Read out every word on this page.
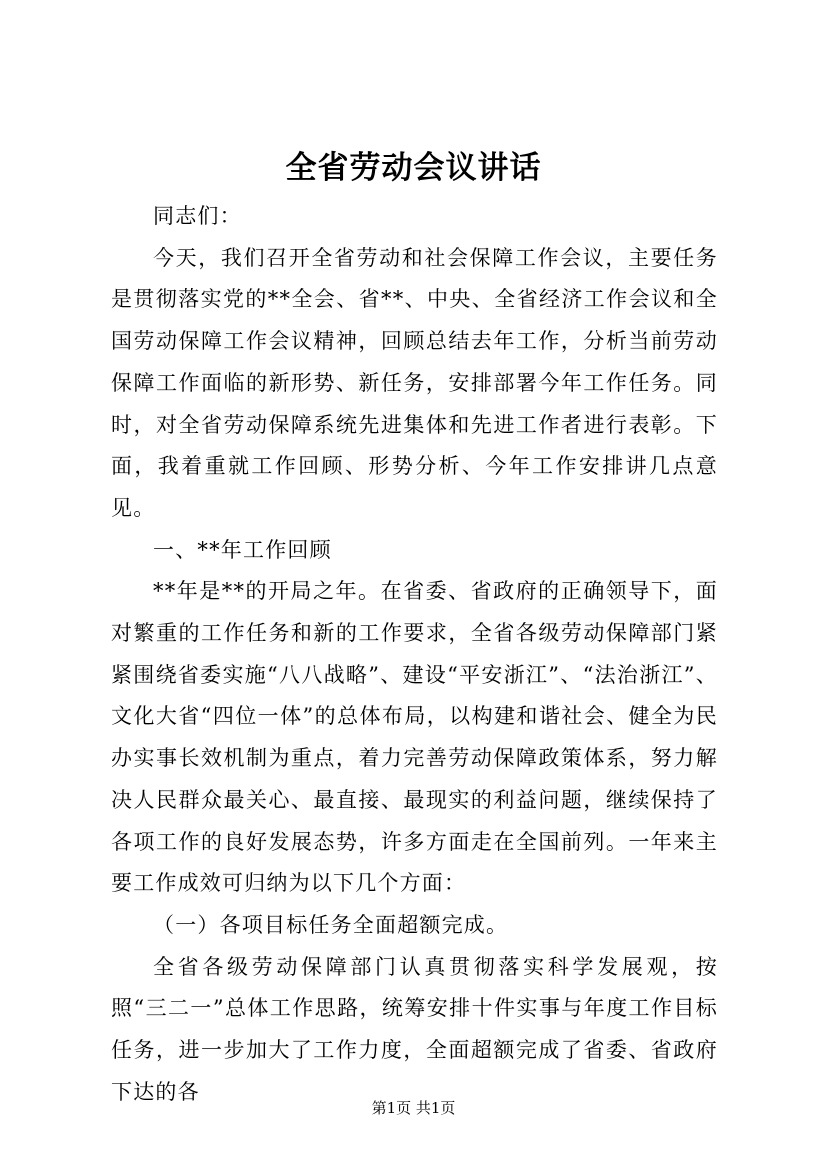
全省劳动会议讲话

同志们：

今天，我们召开全省劳动和社会保障工作会议，主要任务是贯彻落实党的**全会、省**、中央、全省经济工作会议和全国劳动保障工作会议精神，回顾总结去年工作，分析当前劳动保障工作面临的新形势、新任务，安排部署今年工作任务。同时，对全省劳动保障系统先进集体和先进工作者进行表彰。下面，我着重就工作回顾、形势分析、今年工作安排讲几点意见。

一、**年工作回顾

**年是**的开局之年。在省委、省政府的正确领导下，面对繁重的工作任务和新的工作要求，全省各级劳动保障部门紧紧围绕省委实施“八八战略”、建设“平安浙江”、“法治浙江”、文化大省“四位一体”的总体布局，以构建和谐社会、健全为民办实事长效机制为重点，着力完善劳动保障政策体系，努力解决人民群众最关心、最直接、最现实的利益问题，继续保持了各项工作的良好发展态势，许多方面走在全国前列。一年来主要工作成效可归纳为以下几个方面：

（一）各项目标任务全面超额完成。

全省各级劳动保障部门认真贯彻落实科学发展观，按照“三二一”总体工作思路，统筹安排十件实事与年度工作目标任务，进一步加大了工作力度，全面超额完成了省委、省政府下达的各

第1页 共1页
